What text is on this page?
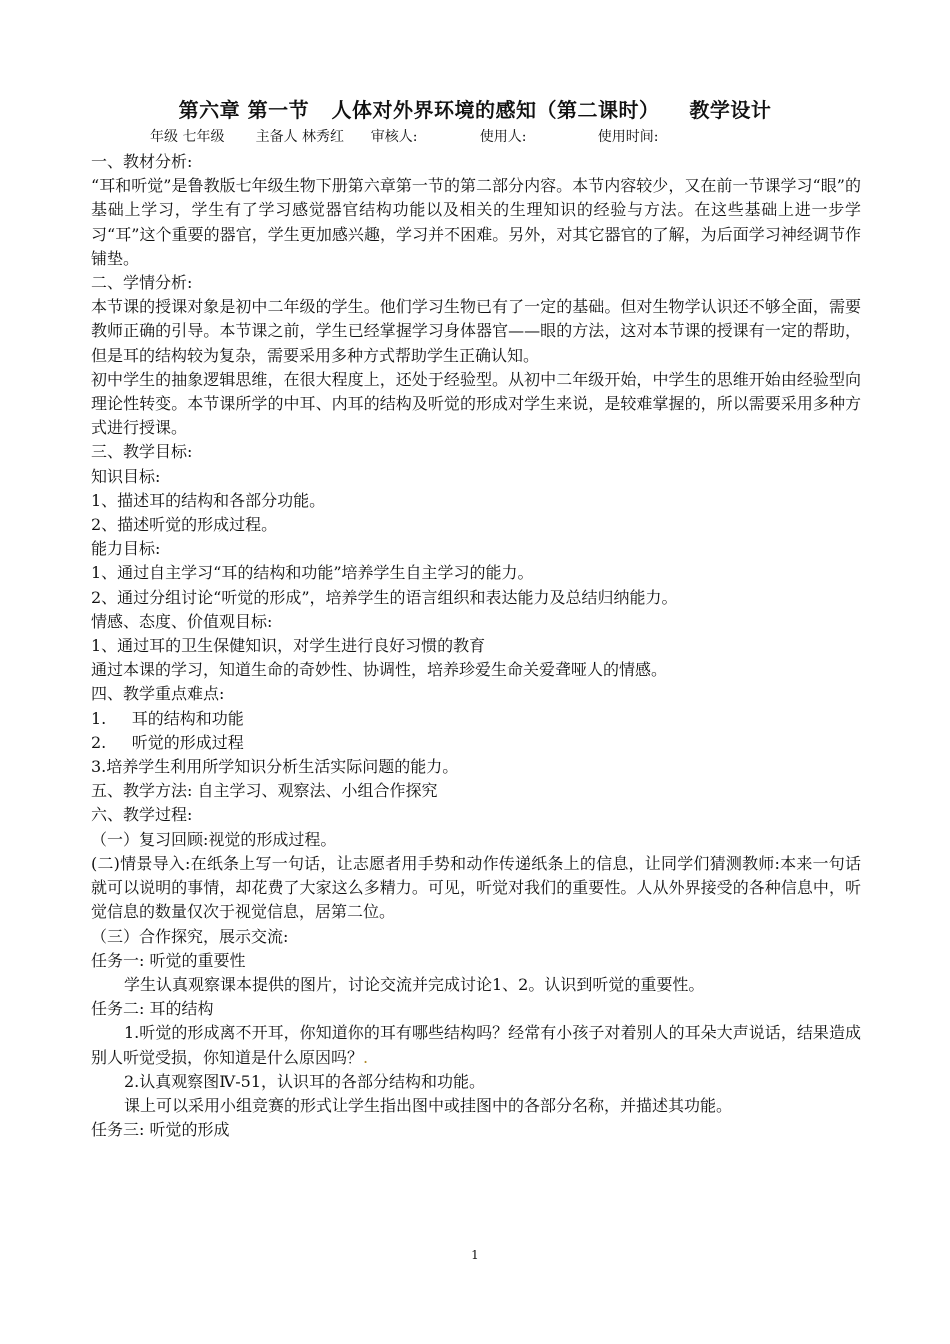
第六章 第一节   人体对外界环境的感知（第二课时）    教学设计
年级 七年级       主备人 林秀红      审核人:              使用人:                使用时间:

一、教材分析:

“耳和听觉”是鲁教版七年级生物下册第六章第一节的第二部分内容。本节内容较少，又在前一节课学习“眼”的基础上学习，学生有了学习感觉器官结构功能以及相关的生理知识的经验与方法。在这些基础上进一步学习“耳”这个重要的器官，学生更加感兴趣，学习并不困难。另外，对其它器官的了解，为后面学习神经调节作铺垫。

二、学情分析:

本节课的授课对象是初中二年级的学生。他们学习生物已有了一定的基础。但对生物学认识还不够全面，需要教师正确的引导。本节课之前，学生已经掌握学习身体器官——眼的方法，这对本节课的授课有一定的帮助，但是耳的结构较为复杂，需要采用多种方式帮助学生正确认知。

初中学生的抽象逻辑思维，在很大程度上，还处于经验型。从初中二年级开始，中学生的思维开始由经验型向理论性转变。本节课所学的中耳、内耳的结构及听觉的形成对学生来说，是较难掌握的，所以需要采用多种方式进行授课。

三、教学目标:

知识目标:

1、描述耳的结构和各部分功能。

2、描述听觉的形成过程。

能力目标:

1、通过自主学习“耳的结构和功能”培养学生自主学习的能力。

2、通过分组讨论“听觉的形成”，培养学生的语言组织和表达能力及总结归纳能力。

情感、态度、价值观目标:

1、通过耳的卫生保健知识，对学生进行良好习惯的教育

通过本课的学习，知道生命的奇妙性、协调性，培养珍爱生命关爱聋哑人的情感。

四、教学重点难点:

1.     耳的结构和功能

2.     听觉的形成过程

3.培养学生利用所学知识分析生活实际问题的能力。

五、教学方法: 自主学习、观察法、小组合作探究

六、教学过程:

（一）复习回顾:视觉的形成过程。

(二)情景导入:在纸条上写一句话，让志愿者用手势和动作传递纸条上的信息，让同学们猜测教师:本来一句话就可以说明的事情，却花费了大家这么多精力。可见，听觉对我们的重要性。人从外界接受的各种信息中，听觉信息的数量仅次于视觉信息，居第二位。

（三）合作探究，展示交流:

任务一: 听觉的重要性

学生认真观察课本提供的图片，讨论交流并完成讨论1、2。认识到听觉的重要性。

任务二: 耳的结构

1.听觉的形成离不开耳，你知道你的耳有哪些结构吗？经常有小孩子对着别人的耳朵大声说话，结果造成别人听觉受损，你知道是什么原因吗？.

2.认真观察图Ⅳ-51，认识耳的各部分结构和功能。

课上可以采用小组竞赛的形式让学生指出图中或挂图中的各部分名称，并描述其功能。

任务三: 听觉的形成

1
